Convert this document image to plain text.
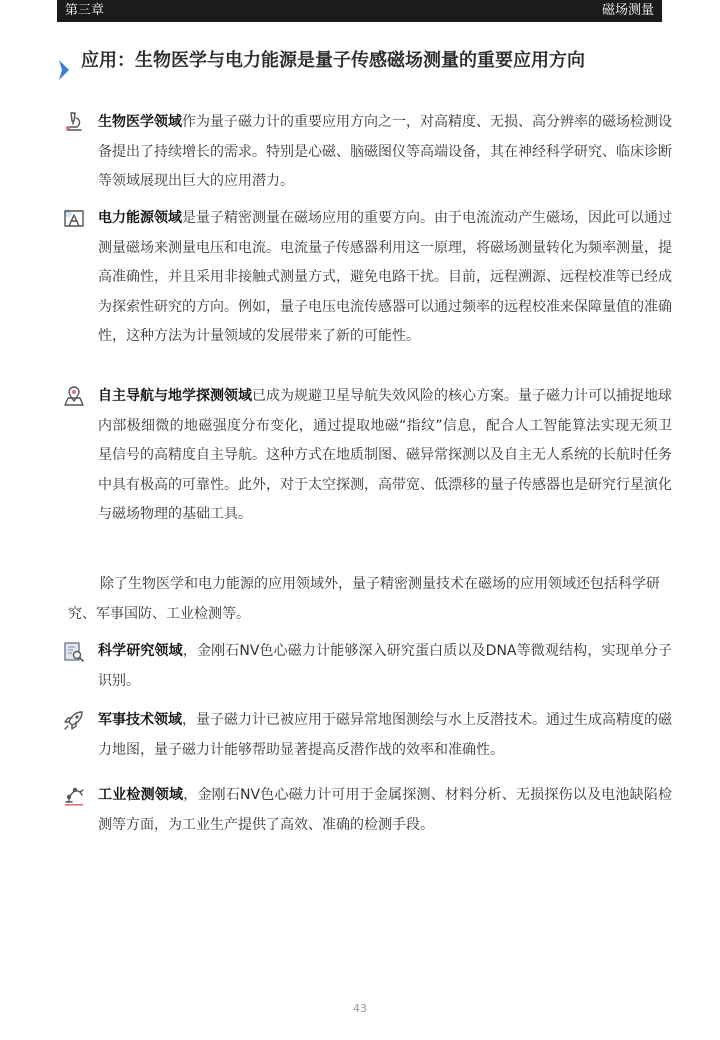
第三章	磁场测量
应用：生物医学与电力能源是量子传感磁场测量的重要应用方向
生物医学领域作为量子磁力计的重要应用方向之一，对高精度、无损、高分辨率的磁场检测设备提出了持续增长的需求。特别是心磁、脑磁图仪等高端设备，其在神经科学研究、临床诊断等领域展现出巨大的应用潜力。
电力能源领域是量子精密测量在磁场应用的重要方向。由于电流流动产生磁场，因此可以通过测量磁场来测量电压和电流。电流量子传感器利用这一原理，将磁场测量转化为频率测量，提高准确性，并且采用非接触式测量方式，避免电路干扰。目前，远程溯源、远程校准等已经成为探索性研究的方向。例如，量子电压电流传感器可以通过频率的远程校准来保障量值的准确性，这种方法为计量领域的发展带来了新的可能性。
自主导航与地学探测领域已成为规避卫星导航失效风险的核心方案。量子磁力计可以捕捉地球内部极细微的地磁强度分布变化，通过提取地磁“指纹”信息，配合人工智能算法实现无须卫星信号的高精度自主导航。这种方式在地质制图、磁异常探测以及自主无人系统的长航时任务中具有极高的可靠性。此外，对于太空探测，高带宽、低漂移的量子传感器也是研究行星演化与磁场物理的基础工具。
除了生物医学和电力能源的应用领域外，量子精密测量技术在磁场的应用领域还包括科学研究、军事国防、工业检测等。
科学研究领域，金刚石NV色心磁力计能够深入研究蛋白质以及DNA等微观结构，实现单分子识别。
军事技术领域，量子磁力计已被应用于磁异常地图测绘与水上反潜技术。通过生成高精度的磁力地图，量子磁力计能够帮助显著提高反潜作战的效率和准确性。
工业检测领域，金刚石NV色心磁力计可用于金属探测、材料分析、无损探伤以及电池缺陷检测等方面，为工业生产提供了高效、准确的检测手段。
43
